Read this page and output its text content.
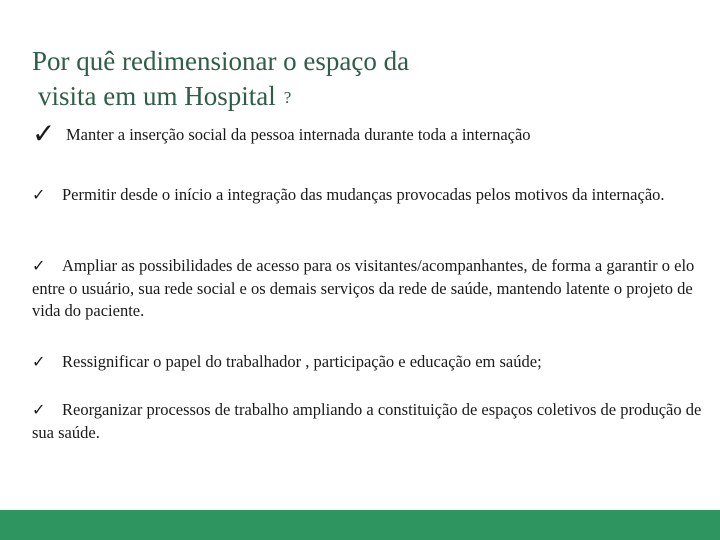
Por quê redimensionar o espaço da
visita em um Hospital ?
✓ Manter a inserção social da pessoa internada durante toda a internação
✓ Permitir desde o início a integração das mudanças provocadas pelos motivos da internação.
✓ Ampliar as possibilidades de acesso para os visitantes/acompanhantes, de forma a garantir o elo entre o usuário, sua rede social e os demais serviços da rede de saúde, mantendo latente o projeto de vida do paciente.
✓ Ressignificar o papel do trabalhador , participação e educação em saúde;
✓ Reorganizar processos de trabalho ampliando a constituição de espaços coletivos de produção de sua saúde.
